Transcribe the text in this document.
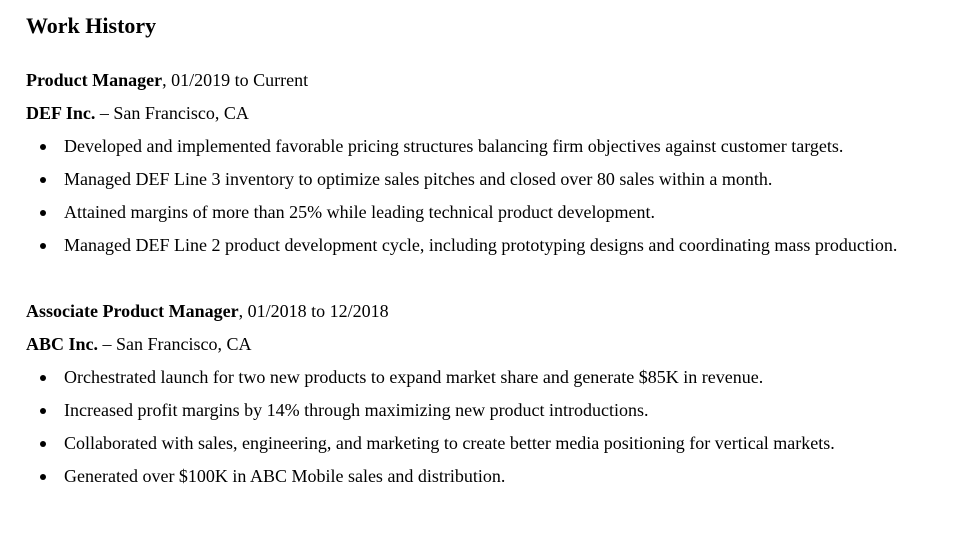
Work History
Product Manager, 01/2019 to Current
DEF Inc. – San Francisco, CA
Developed and implemented favorable pricing structures balancing firm objectives against customer targets.
Managed DEF Line 3 inventory to optimize sales pitches and closed over 80 sales within a month.
Attained margins of more than 25% while leading technical product development.
Managed DEF Line 2 product development cycle, including prototyping designs and coordinating mass production.
Associate Product Manager, 01/2018 to 12/2018
ABC Inc. – San Francisco, CA
Orchestrated launch for two new products to expand market share and generate $85K in revenue.
Increased profit margins by 14% through maximizing new product introductions.
Collaborated with sales, engineering, and marketing to create better media positioning for vertical markets.
Generated over $100K in ABC Mobile sales and distribution.
